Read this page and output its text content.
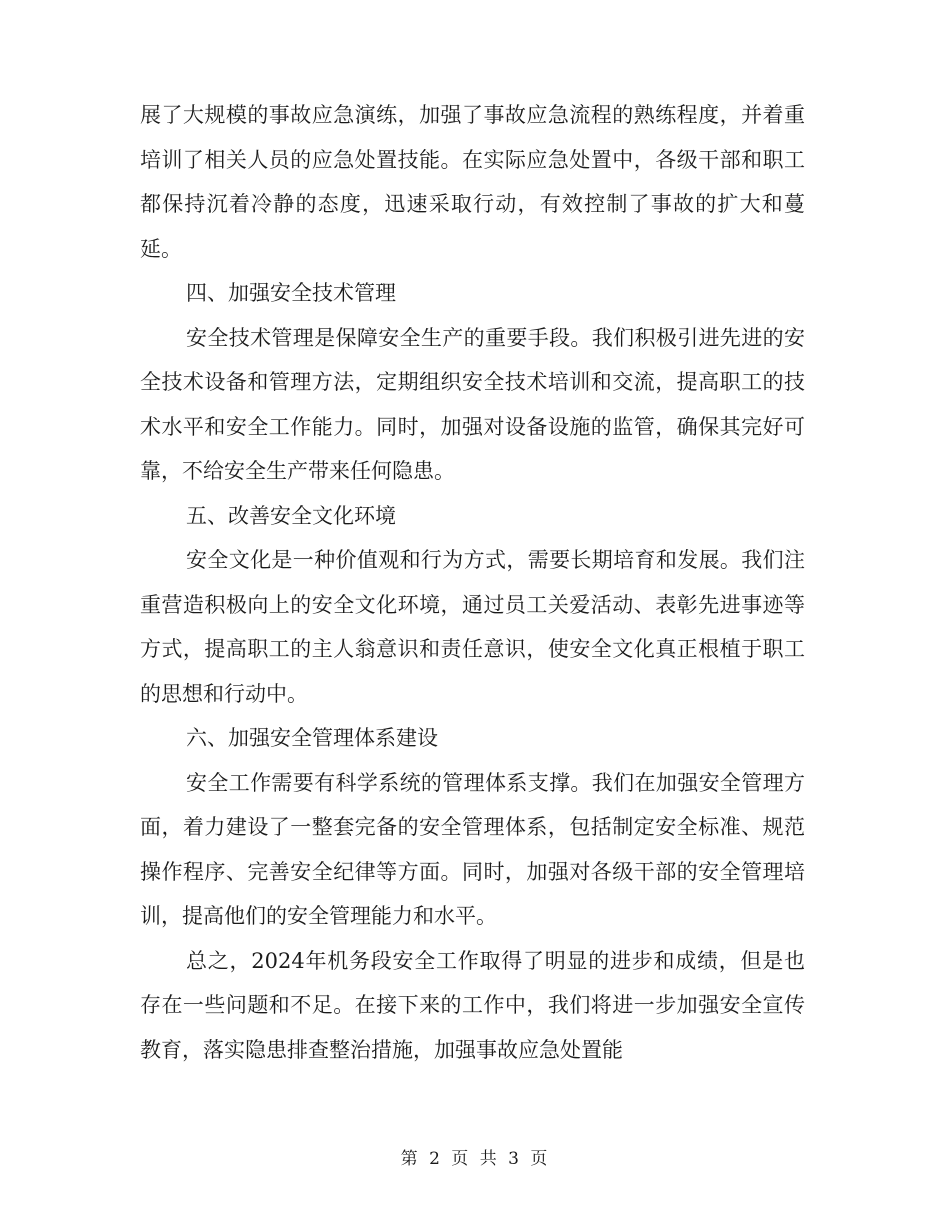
展了大规模的事故应急演练，加强了事故应急流程的熟练程度，并着重培训了相关人员的应急处置技能。在实际应急处置中，各级干部和职工都保持沉着冷静的态度，迅速采取行动，有效控制了事故的扩大和蔓延。

四、加强安全技术管理

安全技术管理是保障安全生产的重要手段。我们积极引进先进的安全技术设备和管理方法，定期组织安全技术培训和交流，提高职工的技术水平和安全工作能力。同时，加强对设备设施的监管，确保其完好可靠，不给安全生产带来任何隐患。

五、改善安全文化环境

安全文化是一种价值观和行为方式，需要长期培育和发展。我们注重营造积极向上的安全文化环境，通过员工关爱活动、表彰先进事迹等方式，提高职工的主人翁意识和责任意识，使安全文化真正根植于职工的思想和行动中。

六、加强安全管理体系建设

安全工作需要有科学系统的管理体系支撑。我们在加强安全管理方面，着力建设了一整套完备的安全管理体系，包括制定安全标准、规范操作程序、完善安全纪律等方面。同时，加强对各级干部的安全管理培训，提高他们的安全管理能力和水平。

总之，2024年机务段安全工作取得了明显的进步和成绩，但是也存在一些问题和不足。在接下来的工作中，我们将进一步加强安全宣传教育，落实隐患排查整治措施，加强事故应急处置能

第 2 页 共 3 页
